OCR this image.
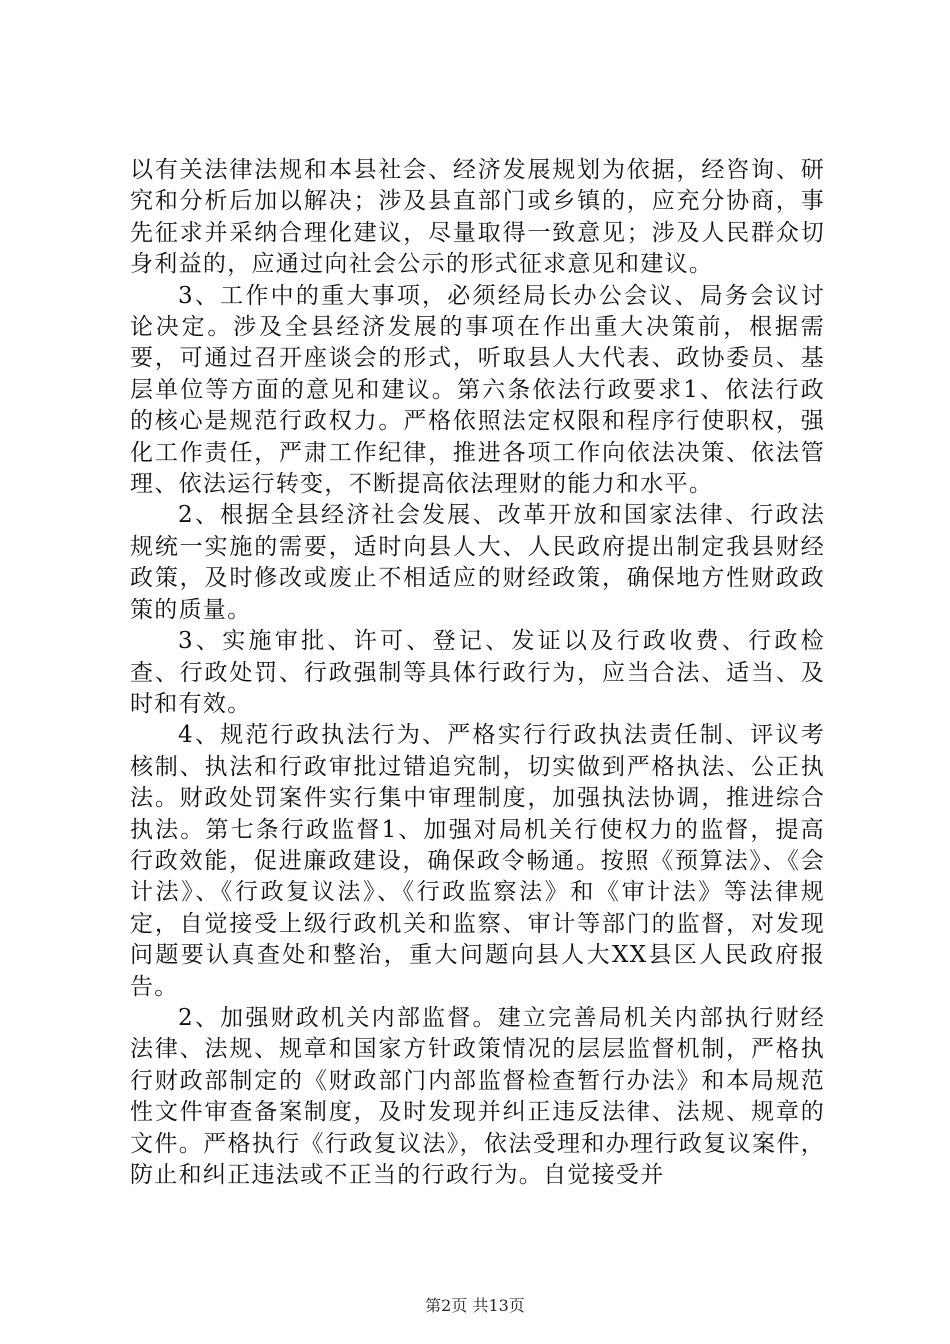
以有关法律法规和本县社会、经济发展规划为依据，经咨询、研究和分析后加以解决；涉及县直部门或乡镇的，应充分协商，事先征求并采纳合理化建议，尽量取得一致意见；涉及人民群众切身利益的，应通过向社会公示的形式征求意见和建议。

3、工作中的重大事项，必须经局长办公会议、局务会议讨论决定。涉及全县经济发展的事项在作出重大决策前，根据需要，可通过召开座谈会的形式，听取县人大代表、政协委员、基层单位等方面的意见和建议。第六条依法行政要求1、依法行政的核心是规范行政权力。严格依照法定权限和程序行使职权，强化工作责任，严肃工作纪律，推进各项工作向依法决策、依法管理、依法运行转变，不断提高依法理财的能力和水平。

2、根据全县经济社会发展、改革开放和国家法律、行政法规统一实施的需要，适时向县人大、人民政府提出制定我县财经政策，及时修改或废止不相适应的财经政策，确保地方性财政政策的质量。

3、实施审批、许可、登记、发证以及行政收费、行政检查、行政处罚、行政强制等具体行政行为，应当合法、适当、及时和有效。

4、规范行政执法行为、严格实行行政执法责任制、评议考核制、执法和行政审批过错追究制，切实做到严格执法、公正执法。财政处罚案件实行集中审理制度，加强执法协调，推进综合执法。第七条行政监督1、加强对局机关行使权力的监督，提高行政效能，促进廉政建设，确保政令畅通。按照《预算法》、《会计法》、《行政复议法》、《行政监察法》和《审计法》等法律规定，自觉接受上级行政机关和监察、审计等部门的监督，对发现问题要认真查处和整治，重大问题向县人大XX县区人民政府报告。

2、加强财政机关内部监督。建立完善局机关内部执行财经法律、法规、规章和国家方针政策情况的层层监督机制，严格执行财政部制定的《财政部门内部监督检查暂行办法》和本局规范性文件审查备案制度，及时发现并纠正违反法律、法规、规章的文件。严格执行《行政复议法》，依法受理和办理行政复议案件，防止和纠正违法或不正当的行政行为。自觉接受并

第2页 共13页
